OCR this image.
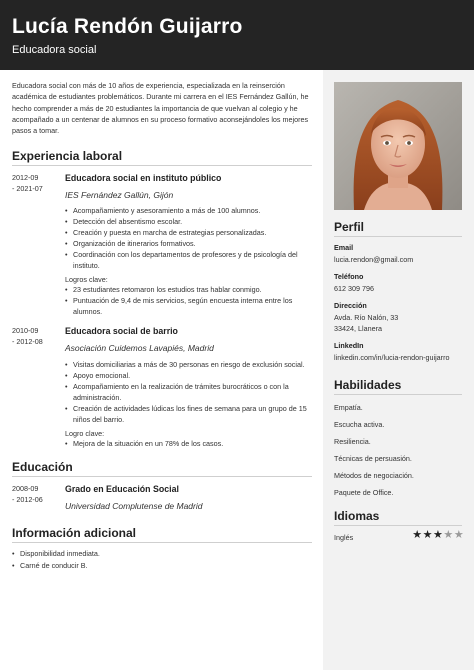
Lucía Rendón Guijarro
Educadora social

Educadora social con más de 10 años de experiencia, especializada en la reinserción académica de estudiantes problemáticos. Durante mi carrera en el IES Fernández Gallún, he hecho comprender a más de 20 estudiantes la importancia de que vuelvan al colegio y he acompañado a un centenar de alumnos en su proceso formativo aconsejándoles los mejores pasos a tomar.

Experiencia laboral
2012-09
- 2021-07
Educadora social en instituto público
IES Fernández Gallún, Gijón
• Acompañamiento y asesoramiento a más de 100 alumnos.
• Detección del absentismo escolar.
• Creación y puesta en marcha de estrategias personalizadas.
• Organización de itinerarios formativos.
• Coordinación con los departamentos de profesores y de psicología del instituto.
Logros clave:
• 23 estudiantes retomaron los estudios tras hablar conmigo.
• Puntuación de 9,4 de mis servicios, según encuesta interna entre los alumnos.
2010-09
- 2012-08
Educadora social de barrio
Asociación Cuidemos Lavapiés, Madrid
• Visitas domiciliarias a más de 30 personas en riesgo de exclusión social.
• Apoyo emocional.
• Acompañamiento en la realización de trámites burocráticos o con la administración.
• Creación de actividades lúdicas los fines de semana para un grupo de 15 niños del barrio.
Logro clave:
• Mejora de la situación en un 78% de los casos.
Educación
2008-09
- 2012-06
Grado en Educación Social
Universidad Complutense de Madrid
Información adicional
• Disponibilidad inmediata.
• Carné de conducir B.
Perfil
Email
lucia.rendon@gmail.com
Teléfono
612 309 796
Dirección
Avda. Río Nalón, 33
33424, Llanera
LinkedIn
linkedin.com/in/lucia-rendon-guijarro
Habilidades
Empatía.
Escucha activa.
Resiliencia.
Técnicas de persuasión.
Métodos de negociación.
Paquete de Office.
Idiomas
Inglés	★ ★ ★ ★ ★
